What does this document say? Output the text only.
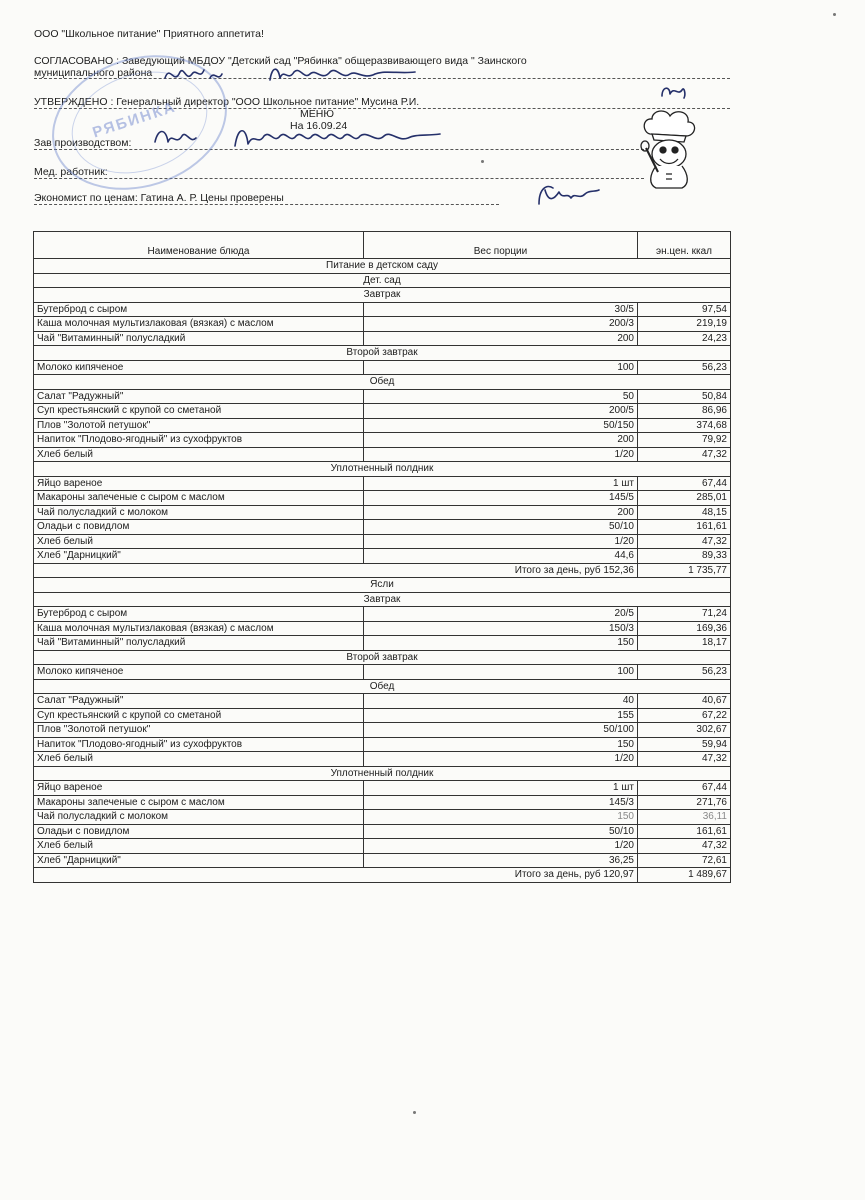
ООО "Школьное питание" Приятного аппетита!
СОГЛАСОВАНО : Заведующий МБДОУ "Детский сад "Рябинка" общеразвивающего вида " Заинского
муниципального района
УТВЕРЖДЕНО : Генеральный директор "ООО Школьное питание" Мусина Р.И.
МЕНЮ
На 16.09.24
Зав производством:
Мед. работник:
Экономист по ценам: Гатина А. Р. Цены проверены
РЯБИНКА
Наименование блюда	Вес порции	эн.цен. ккал
Питание в детском саду		
Дет. сад		
Завтрак		
Бутерброд с сыром	30/5	97,54
Каша молочная мультизлаковая (вязкая) с маслом	200/3	219,19
Чай "Витаминный" полусладкий	200	24,23
Второй завтрак		
Молоко кипяченое	100	56,23
Обед		
Салат "Радужный"	50	50,84
Суп крестьянский с крупой со сметаной	200/5	86,96
Плов "Золотой петушок"	50/150	374,68
Напиток "Плодово-ягодный" из сухофруктов	200	79,92
Хлеб белый	1/20	47,32
Уплотненный полдник		
Яйцо вареное	1 шт	67,44
Макароны запеченые с сыром с маслом	145/5	285,01
Чай полусладкий с молоком	200	48,15
Оладьи с повидлом	50/10	161,61
Хлеб белый	1/20	47,32
Хлеб "Дарницкий"	44,6	89,33
Итого за день, руб 152,36		1 735,77
Ясли		
Завтрак		
Бутерброд с сыром	20/5	71,24
Каша молочная мультизлаковая (вязкая) с маслом	150/3	169,36
Чай "Витаминный" полусладкий	150	18,17
Второй завтрак		
Молоко кипяченое	100	56,23
Обед		
Салат "Радужный"	40	40,67
Суп крестьянский с крупой со сметаной	155	67,22
Плов "Золотой петушок"	50/100	302,67
Напиток "Плодово-ягодный" из сухофруктов	150	59,94
Хлеб белый	1/20	47,32
Уплотненный полдник		
Яйцо вареное	1 шт	67,44
Макароны запеченые с сыром с маслом	145/3	271,76
Чай полусладкий с молоком	150	36,11
Оладьи с повидлом	50/10	161,61
Хлеб белый	1/20	47,32
Хлеб "Дарницкий"	36,25	72,61
Итого за день, руб 120,97		1 489,67
